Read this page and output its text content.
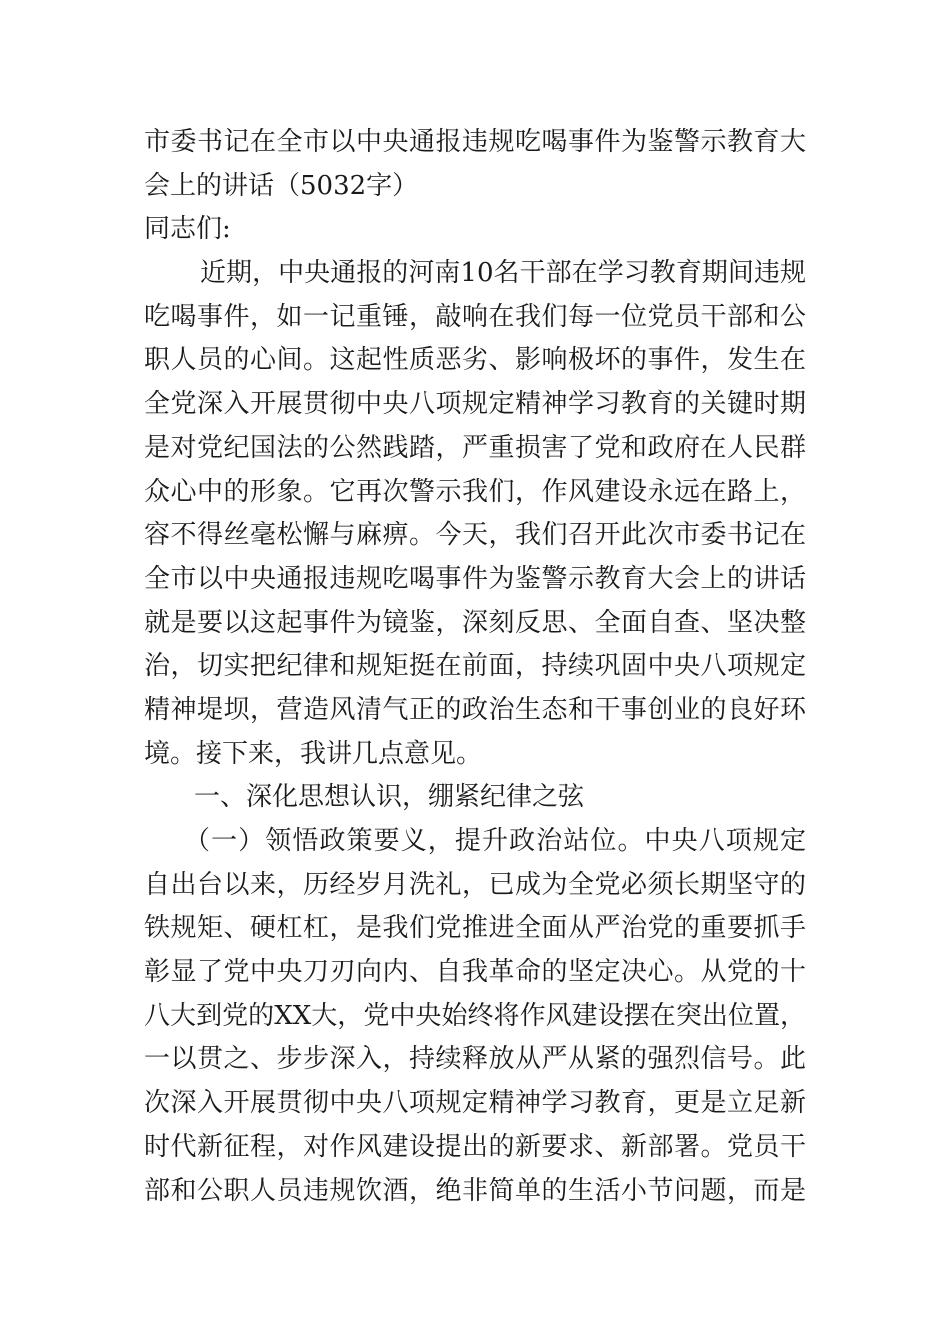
市委书记在全市以中央通报违规吃喝事件为鉴警示教育大
会上的讲话（5032字）
同志们:
近期，中央通报的河南10名干部在学习教育期间违规
吃喝事件，如一记重锤，敲响在我们每一位党员干部和公
职人员的心间。这起性质恶劣、影响极坏的事件，发生在
全党深入开展贯彻中央八项规定精神学习教育的关键时期
是对党纪国法的公然践踏，严重损害了党和政府在人民群
众心中的形象。它再次警示我们，作风建设永远在路上，
容不得丝毫松懈与麻痹。今天，我们召开此次市委书记在
全市以中央通报违规吃喝事件为鉴警示教育大会上的讲话
就是要以这起事件为镜鉴，深刻反思、全面自查、坚决整
治，切实把纪律和规矩挺在前面，持续巩固中央八项规定
精神堤坝，营造风清气正的政治生态和干事创业的良好环
境。接下来，我讲几点意见。
一、深化思想认识，绷紧纪律之弦
（一）领悟政策要义，提升政治站位。中央八项规定
自出台以来，历经岁月洗礼，已成为全党必须长期坚守的
铁规矩、硬杠杠，是我们党推进全面从严治党的重要抓手
彰显了党中央刀刃向内、自我革命的坚定决心。从党的十
八大到党的XX大，党中央始终将作风建设摆在突出位置，
一以贯之、步步深入，持续释放从严从紧的强烈信号。此
次深入开展贯彻中央八项规定精神学习教育，更是立足新
时代新征程，对作风建设提出的新要求、新部署。党员干
部和公职人员违规饮酒，绝非简单的生活小节问题，而是
